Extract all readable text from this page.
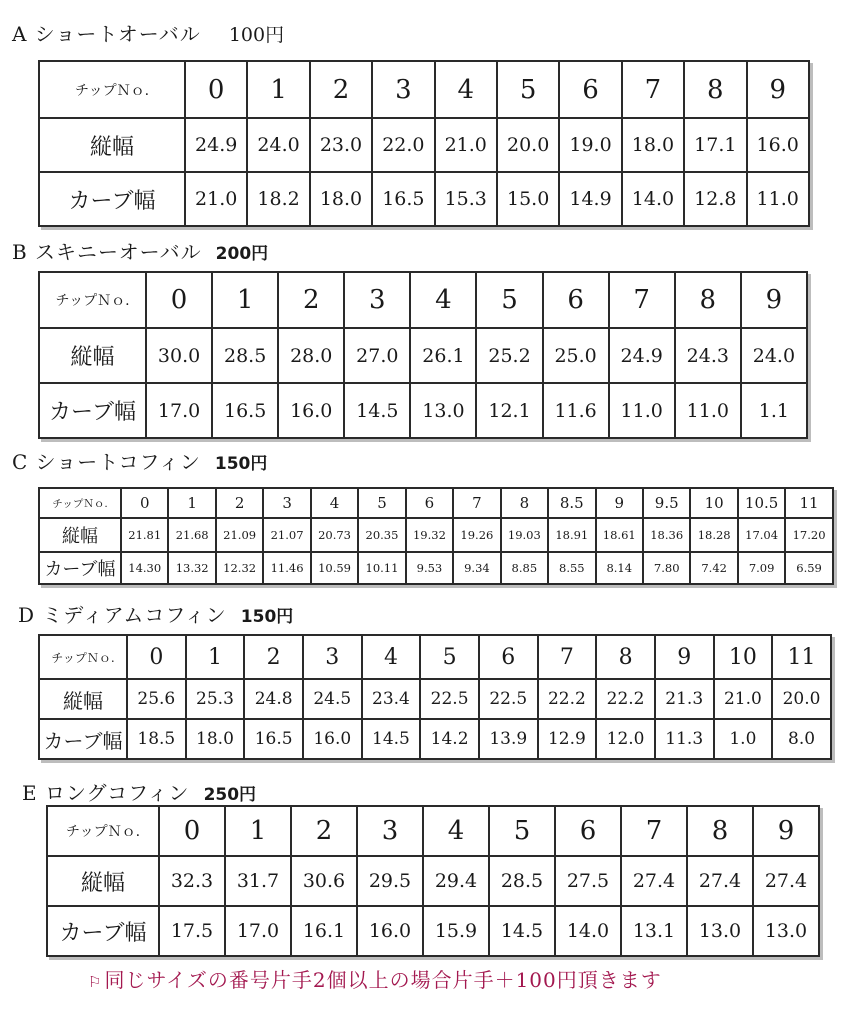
A ショートオーバル 100円
チップＮｏ.	0	1	2	3	4	5	6	7	8	9
縦幅	24.9	24.0	23.0	22.0	21.0	20.0	19.0	18.0	17.1	16.0
カーブ幅	21.0	18.2	18.0	16.5	15.3	15.0	14.9	14.0	12.8	11.0
B スキニーオーバル 200円
チップＮｏ.	0	1	2	3	4	5	6	7	8	9
縦幅	30.0	28.5	28.0	27.0	26.1	25.2	25.0	24.9	24.3	24.0
カーブ幅	17.0	16.5	16.0	14.5	13.0	12.1	11.6	11.0	11.0	1.1
C ショートコフィン 150円
チップＮｏ.	0	1	2	3	4	5	6	7	8	8.5	9	9.5	10	10.5	11
縦幅	21.81	21.68	21.09	21.07	20.73	20.35	19.32	19.26	19.03	18.91	18.61	18.36	18.28	17.04	17.20
カーブ幅	14.30	13.32	12.32	11.46	10.59	10.11	9.53	9.34	8.85	8.55	8.14	7.80	7.42	7.09	6.59
D ミディアムコフィン 150円
チップＮｏ.	0	1	2	3	4	5	6	7	8	9	10	11
縦幅	25.6	25.3	24.8	24.5	23.4	22.5	22.5	22.2	22.2	21.3	21.0	20.0
カーブ幅	18.5	18.0	16.5	16.0	14.5	14.2	13.9	12.9	12.0	11.3	1.0	8.0
E ロングコフィン 250円
チップＮｏ.	0	1	2	3	4	5	6	7	8	9
縦幅	32.3	31.7	30.6	29.5	29.4	28.5	27.5	27.4	27.4	27.4
カーブ幅	17.5	17.0	16.1	16.0	15.9	14.5	14.0	13.1	13.0	13.0
⚐ 同じサイズの番号片手2個以上の場合片手＋100円頂きます
